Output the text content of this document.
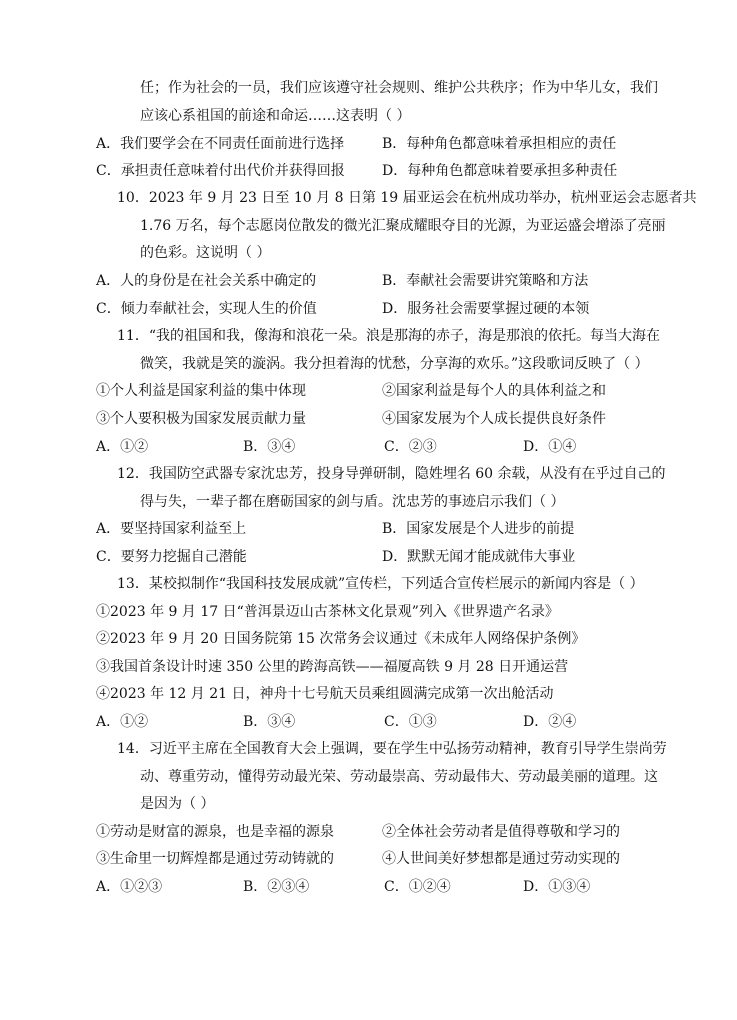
任；作为社会的一员，我们应该遵守社会规则、维护公共秩序；作为中华儿女，我们
应该心系祖国的前途和命运……这表明（ ）
A．我们要学会在不同责任面前进行选择	B．每种角色都意味着承担相应的责任
C．承担责任意味着付出代价并获得回报	D．每种角色都意味着要承担多种责任
10．2023 年 9 月 23 日至 10 月 8 日第 19 届亚运会在杭州成功举办，杭州亚运会志愿者共
1.76 万名，每个志愿岗位散发的微光汇聚成耀眼夺目的光源，为亚运盛会增添了亮丽
的色彩。这说明（ ）
A．人的身份是在社会关系中确定的	B．奉献社会需要讲究策略和方法
C．倾力奉献社会，实现人生的价值	D．服务社会需要掌握过硬的本领
11．“我的祖国和我，像海和浪花一朵。浪是那海的赤子，海是那浪的依托。每当大海在
微笑，我就是笑的漩涡。我分担着海的忧愁，分享海的欢乐。”这段歌词反映了（ ）
①个人利益是国家利益的集中体现	②国家利益是每个人的具体利益之和
③个人要积极为国家发展贡献力量	④国家发展为个人成长提供良好条件
A．①②	B．③④	C．②③	D．①④
12．我国防空武器专家沈忠芳，投身导弹研制，隐姓埋名 60 余载，从没有在乎过自己的
得与失，一辈子都在磨砺国家的剑与盾。沈忠芳的事迹启示我们（ ）
A．要坚持国家利益至上	B．国家发展是个人进步的前提
C．要努力挖掘自己潜能	D．默默无闻才能成就伟大事业
13．某校拟制作“我国科技发展成就”宣传栏，下列适合宣传栏展示的新闻内容是（ ）
①2023 年 9 月 17 日“普洱景迈山古茶林文化景观”列入《世界遗产名录》
②2023 年 9 月 20 日国务院第 15 次常务会议通过《未成年人网络保护条例》
③我国首条设计时速 350 公里的跨海高铁——福厦高铁 9 月 28 日开通运营
④2023 年 12 月 21 日，神舟十七号航天员乘组圆满完成第一次出舱活动
A．①②	B．③④	C．①③	D．②④
14．习近平主席在全国教育大会上强调，要在学生中弘扬劳动精神，教育引导学生崇尚劳
动、尊重劳动，懂得劳动最光荣、劳动最崇高、劳动最伟大、劳动最美丽的道理。这
是因为（ ）
①劳动是财富的源泉，也是幸福的源泉	②全体社会劳动者是值得尊敬和学习的
③生命里一切辉煌都是通过劳动铸就的	④人世间美好梦想都是通过劳动实现的
A．①②③	B．②③④	C．①②④	D．①③④
